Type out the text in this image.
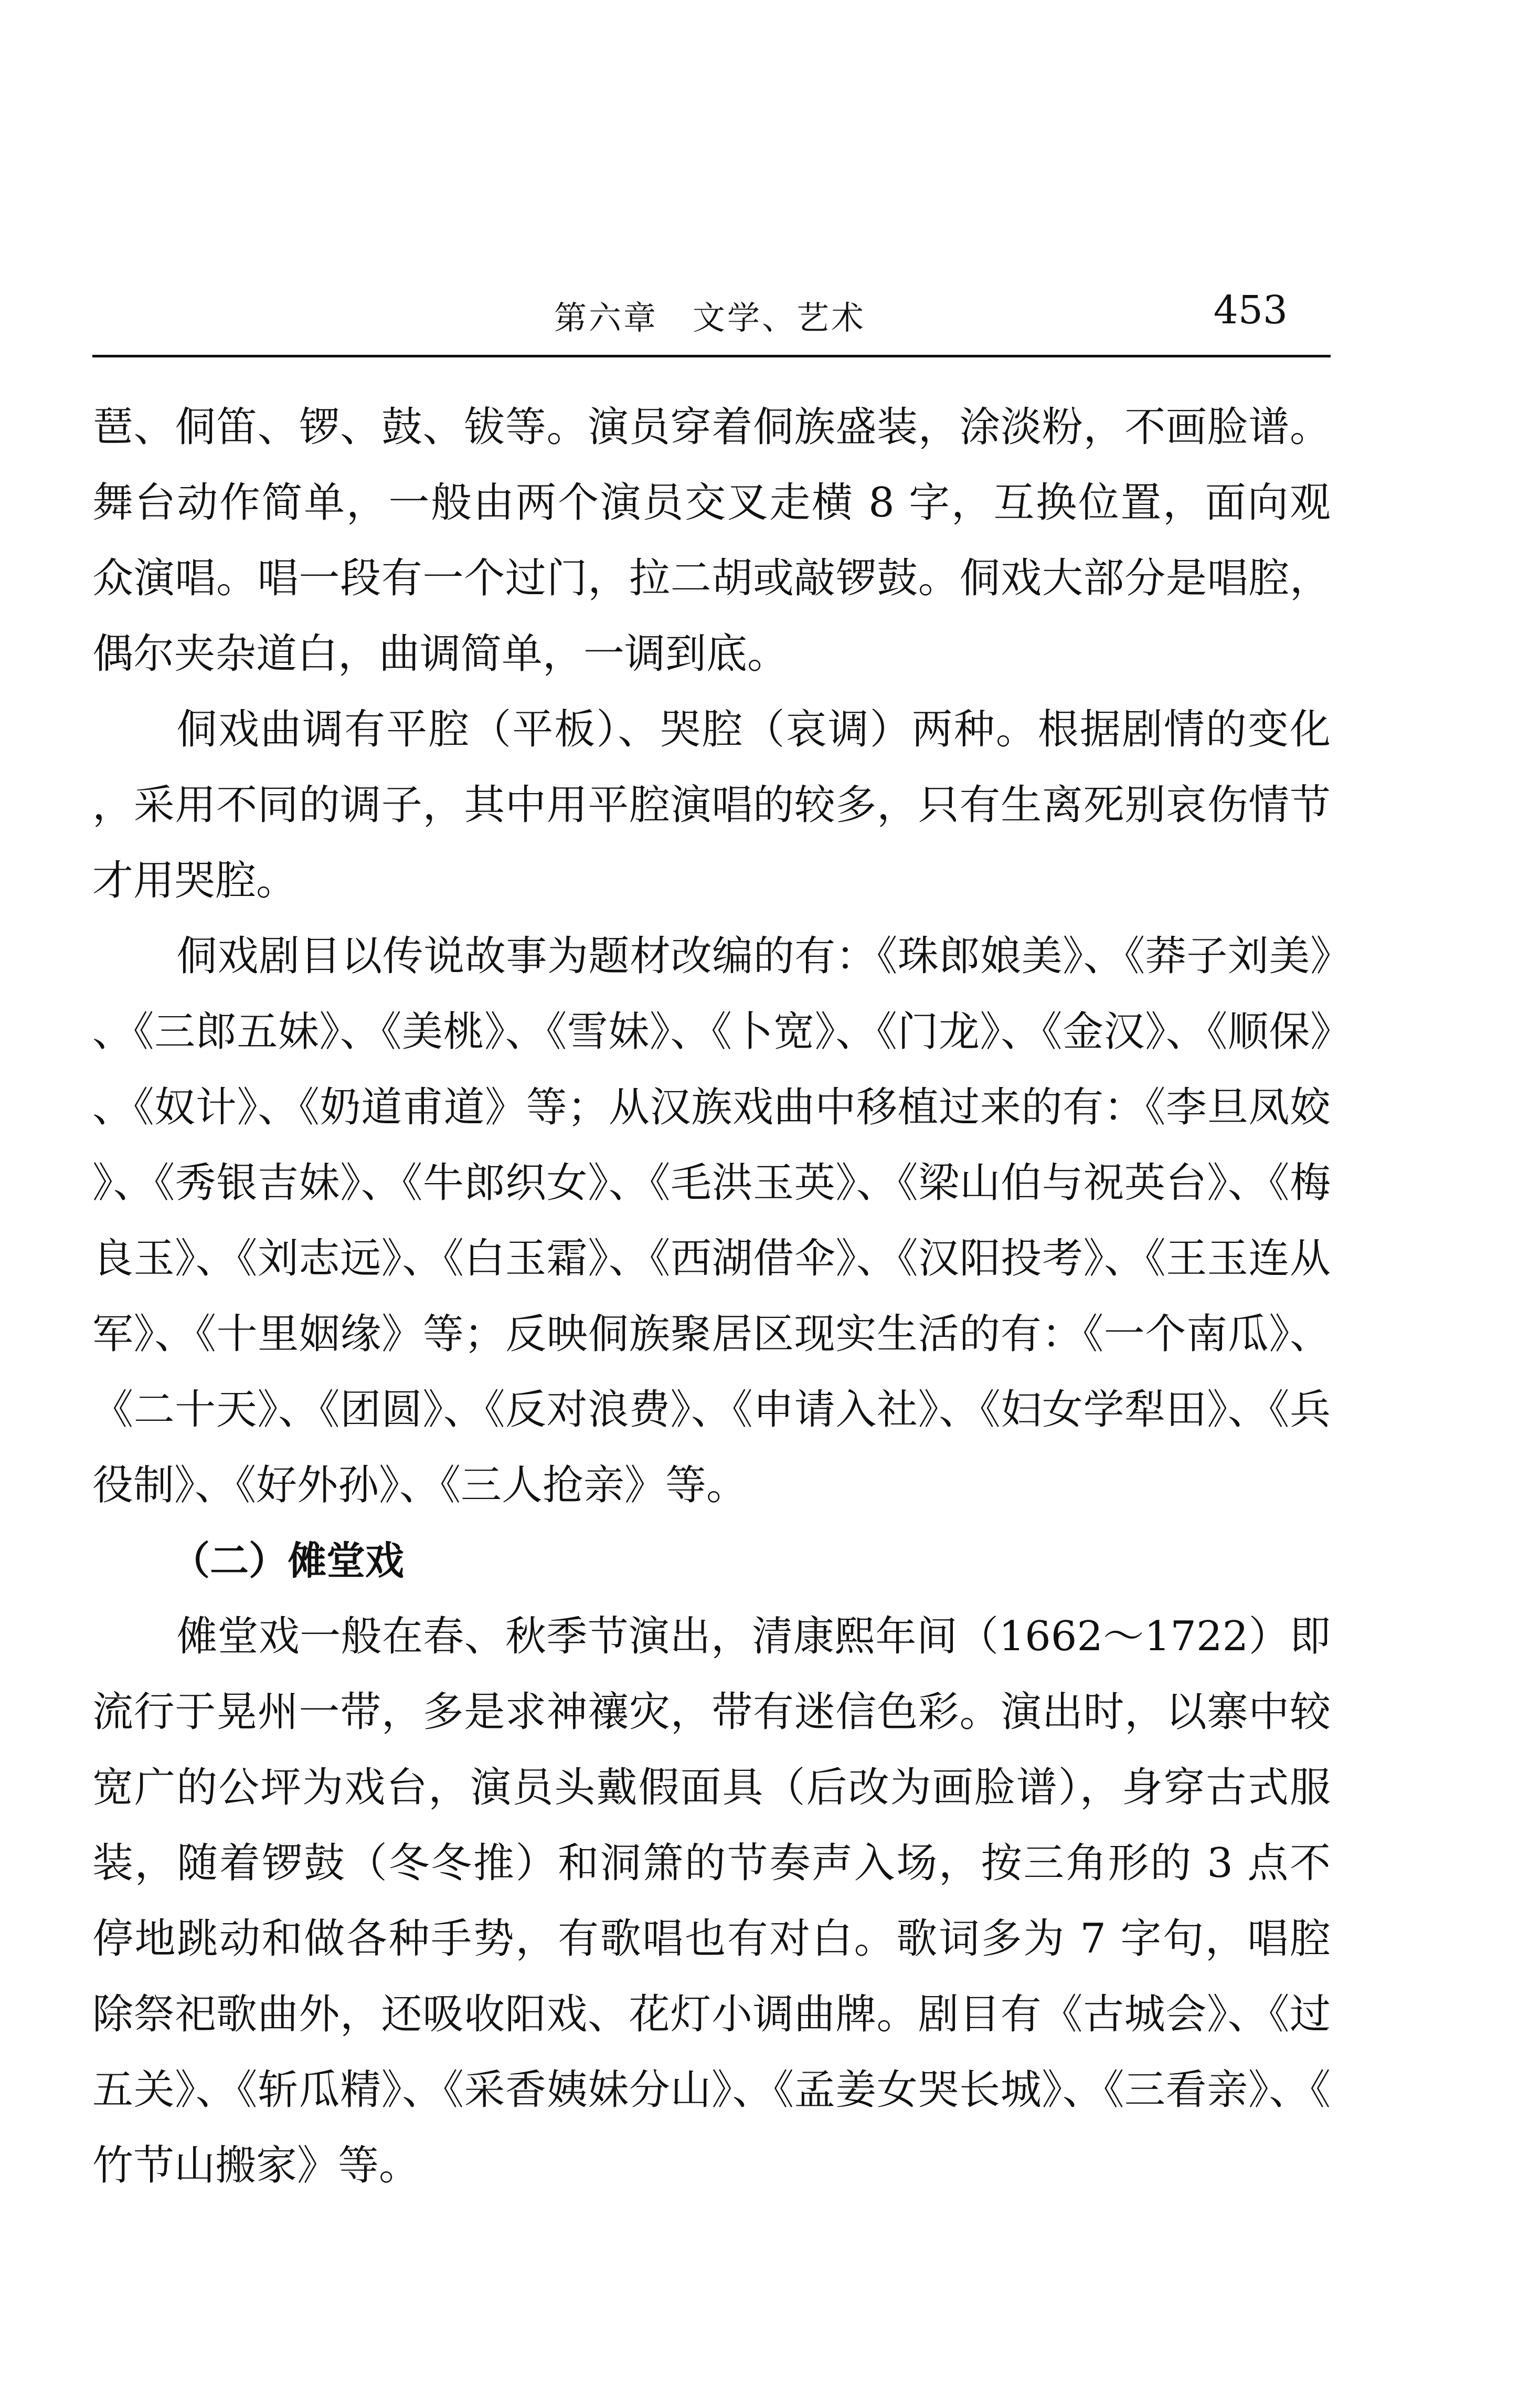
第六章　文学、艺术	453

琶、侗笛、锣、鼓、钹等。演员穿着侗族盛装，涂淡粉，不画脸谱。舞台动作简单，一般由两个演员交叉走横 8 字，互换位置，面向观众演唱。唱一段有一个过门，拉二胡或敲锣鼓。侗戏大部分是唱腔，偶尔夹杂道白，曲调简单，一调到底。

侗戏曲调有平腔（平板）、哭腔（哀调）两种。根据剧情的变化，采用不同的调子，其中用平腔演唱的较多，只有生离死别哀伤情节才用哭腔。

侗戏剧目以传说故事为题材改编的有：《珠郎娘美》、《莽子刘美》、《三郎五妹》、《美桃》、《雪妹》、《卜宽》、《门龙》、《金汉》、《顺保》、《奴计》、《奶道甫道》等；从汉族戏曲中移植过来的有：《李旦凤姣》、《秀银吉妹》、《牛郎织女》、《毛洪玉英》、《梁山伯与祝英台》、《梅良玉》、《刘志远》、《白玉霜》、《西湖借伞》、《汉阳投考》、《王玉连从军》、《十里姻缘》等；反映侗族聚居区现实生活的有：《一个南瓜》、《二十天》、《团圆》、《反对浪费》、《申请入社》、《妇女学犁田》、《兵役制》、《好外孙》、《三人抢亲》等。

（二）傩堂戏

傩堂戏一般在春、秋季节演出，清康熙年间（1662～1722）即流行于晃州一带，多是求神禳灾，带有迷信色彩。演出时，以寨中较宽广的公坪为戏台，演员头戴假面具（后改为画脸谱），身穿古式服装，随着锣鼓（冬冬推）和洞箫的节奏声入场，按三角形的 3 点不停地跳动和做各种手势，有歌唱也有对白。歌词多为 7 字句，唱腔除祭祀歌曲外，还吸收阳戏、花灯小调曲牌。剧目有《古城会》、《过五关》、《斩瓜精》、《采香姨妹分山》、《孟姜女哭长城》、《三看亲》、《竹节山搬家》等。
